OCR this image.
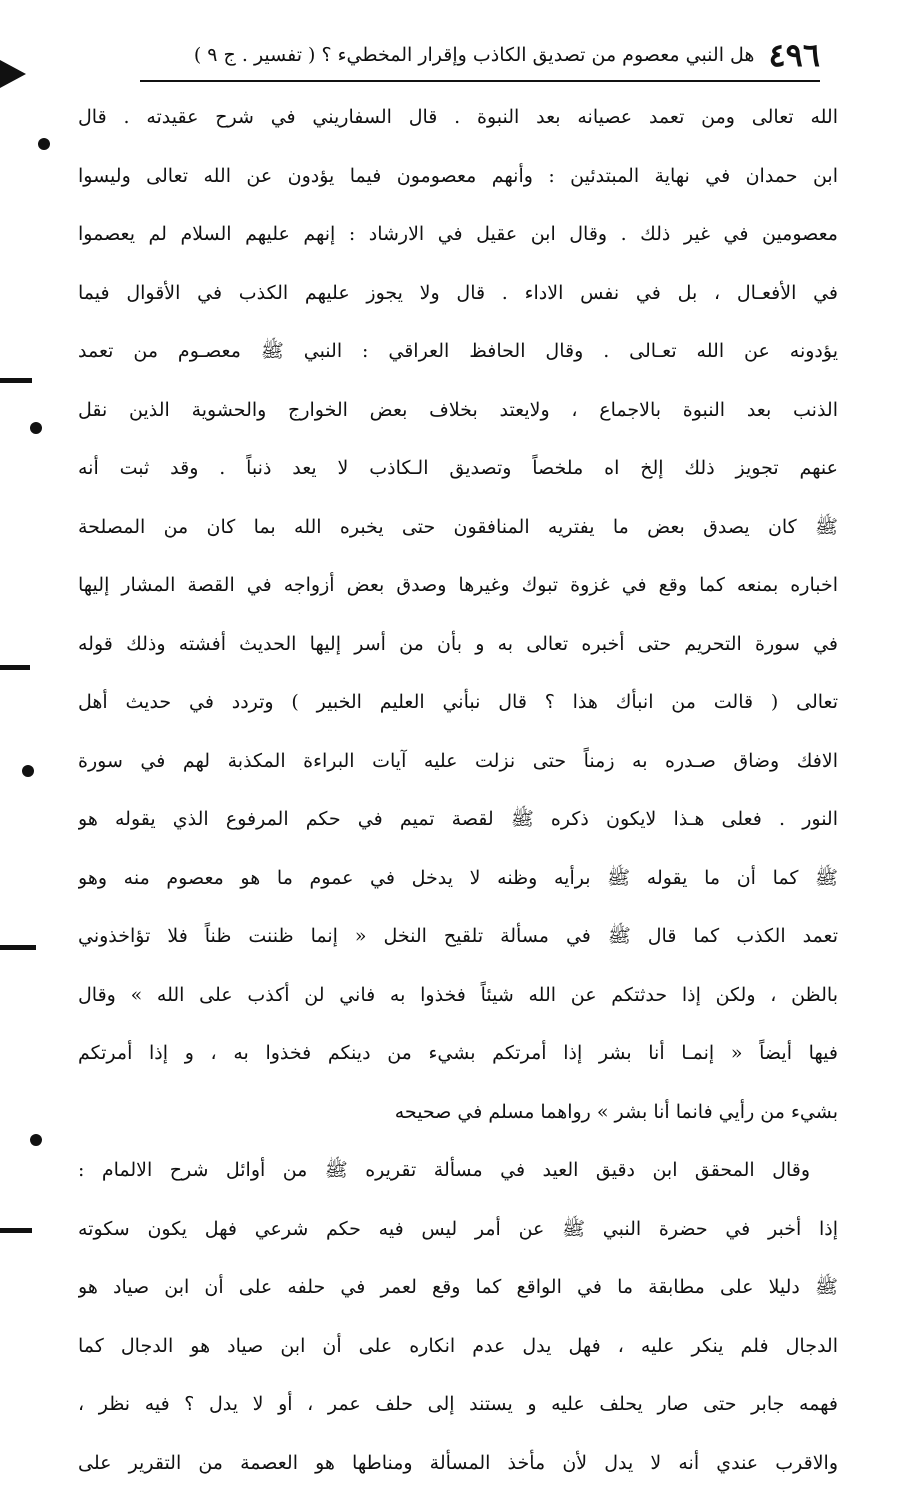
٤٩٦
هل النبي معصوم من تصديق الكاذب وإقرار المخطيء ؟ ( تفسير . ج ٩ )
الله تعالى ومن تعمد عصيانه بعد النبوة . قال السفاريني في شرح عقيدته . قال
ابن حمدان في نهاية المبتدئين : وأنهم معصومون فيما يؤدون عن الله تعالى وليسوا
معصومين في غير ذلك . وقال ابن عقيل في الارشاد : إنهم عليهم السلام لم يعصموا
في الأفعـال ، بل في نفس الاداء . قال ولا يجوز عليهم الكذب في الأقوال فيما
يؤدونه عن الله تعـالى . وقال الحافظ العراقي : النبي ﷺ معصـوم من تعمد
الذنب بعد النبوة بالاجماع ، ولايعتد بخلاف بعض الخوارج والحشوية الذين نقل
عنهم تجويز ذلك إلخ اه ملخصاً وتصديق الـكاذب لا يعد ذنباً . وقد ثبت أنه
ﷺ كان يصدق بعض ما يفتريه المنافقون حتى يخبره الله بما كان من المصلحة
اخباره بمنعه كما وقع في غزوة تبوك وغيرها وصدق بعض أزواجه في القصة المشار إليها
في سورة التحريم حتى أخبره تعالى به و بأن من أسر إليها الحديث أفشته وذلك قوله
تعالى ( قالت من انبأك هذا ؟ قال نبأني العليم الخبير ) وتردد في حديث أهل
الافك وضاق صـدره به زمناً حتى نزلت عليه آيات البراءة المكذبة لهم في سورة
النور . فعلى هـذا لايكون ذكره ﷺ لقصة تميم في حكم المرفوع الذي يقوله هو
ﷺ كما أن ما يقوله ﷺ برأيه وظنه لا يدخل في عموم ما هو معصوم منه وهو
تعمد الكذب كما قال ﷺ في مسألة تلقيح النخل « إنما ظننت ظناً فلا تؤاخذوني
بالظن ، ولكن إذا حدثتكم عن الله شيئاً فخذوا به فاني لن أكذب على الله » وقال
فيها أيضاً « إنمـا أنا بشر إذا أمرتكم بشيء من دينكم فخذوا به ، و إذا أمرتكم
بشيء من رأيي فانما أنا بشر » رواهما مسلم في صحيحه
وقال المحقق ابن دقيق العيد في مسألة تقريره ﷺ من أوائل شرح الالمام :
إذا أخبر في حضرة النبي ﷺ عن أمر ليس فيه حكم شرعي فهل يكون سكوته
ﷺ دليلا على مطابقة ما في الواقع كما وقع لعمر في حلفه على أن ابن صياد هو
الدجال فلم ينكر عليه ، فهل يدل عدم انكاره على أن ابن صياد هو الدجال كما
فهمه جابر حتى صار يحلف عليه و يستند إلى حلف عمر ، أو لا يدل ؟ فيه نظر ،
والاقرب عندي أنه لا يدل لأن مأخذ المسألة ومناطها هو العصمة من التقرير على
